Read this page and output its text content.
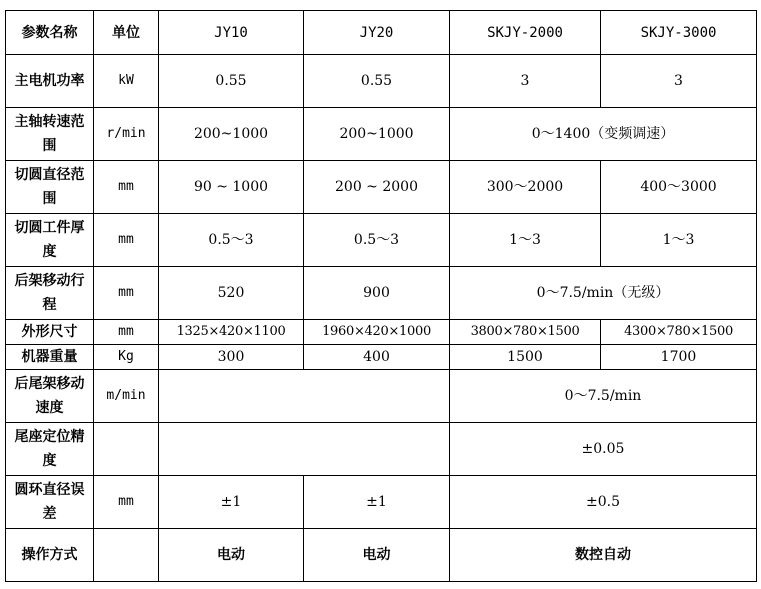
参数名称	单位	JY10	JY20	SKJY-2000	SKJY-3000
主电机功率	kW	0.55	0.55	3	3
主轴转速范围	r/min	200~1000	200~1000	0～1400（变频调速）	
切圆直径范围	mm	90 ~ 1000	200 ~ 2000	300～2000	400～3000
切圆工件厚度	mm	0.5～3	0.5～3	1～3	1～3
后架移动行程	mm	520	900	0～7.5/min（无级）	
外形尺寸	mm	1325×420×1100	1960×420×1000	3800×780×1500	4300×780×1500
机器重量	Kg	300	400	1500	1700
后尾架移动速度	m/min			0～7.5/min	
尾座定位精度				±0.05	
圆环直径误差	mm	±1	±1	±0.5	
操作方式		电动	电动	数控自动	
